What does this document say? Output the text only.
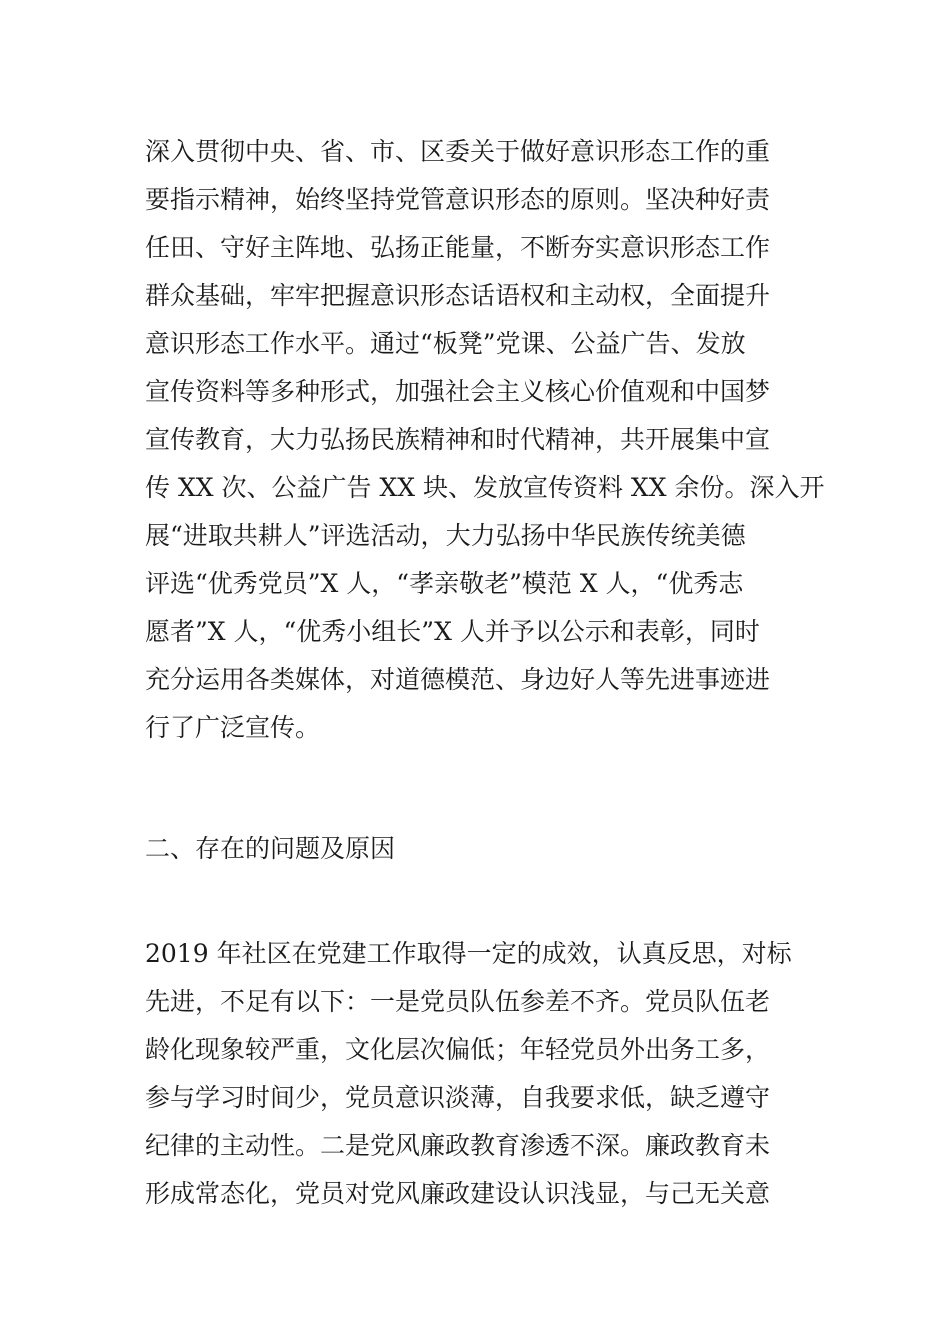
深入贯彻中央、省、市、区委关于做好意识形态工作的重
要指示精神，始终坚持党管意识形态的原则。坚决种好责
任田、守好主阵地、弘扬正能量，不断夯实意识形态工作
群众基础，牢牢把握意识形态话语权和主动权，全面提升
意识形态工作水平。通过“板凳”党课、公益广告、发放
宣传资料等多种形式，加强社会主义核心价值观和中国梦
宣传教育，大力弘扬民族精神和时代精神，共开展集中宣
传 XX 次、公益广告 XX 块、发放宣传资料 XX 余份。深入开
展“进取共耕人”评选活动，大力弘扬中华民族传统美德
评选“优秀党员”X 人，“孝亲敬老”模范 X 人，“优秀志
愿者”X 人，“优秀小组长”X 人并予以公示和表彰，同时
充分运用各类媒体，对道德模范、身边好人等先进事迹进
行了广泛宣传。
二、存在的问题及原因
2019 年社区在党建工作取得一定的成效，认真反思，对标
先进，不足有以下：一是党员队伍参差不齐。党员队伍老
龄化现象较严重，文化层次偏低；年轻党员外出务工多，
参与学习时间少，党员意识淡薄，自我要求低，缺乏遵守
纪律的主动性。二是党风廉政教育渗透不深。廉政教育未
形成常态化，党员对党风廉政建设认识浅显，与己无关意
